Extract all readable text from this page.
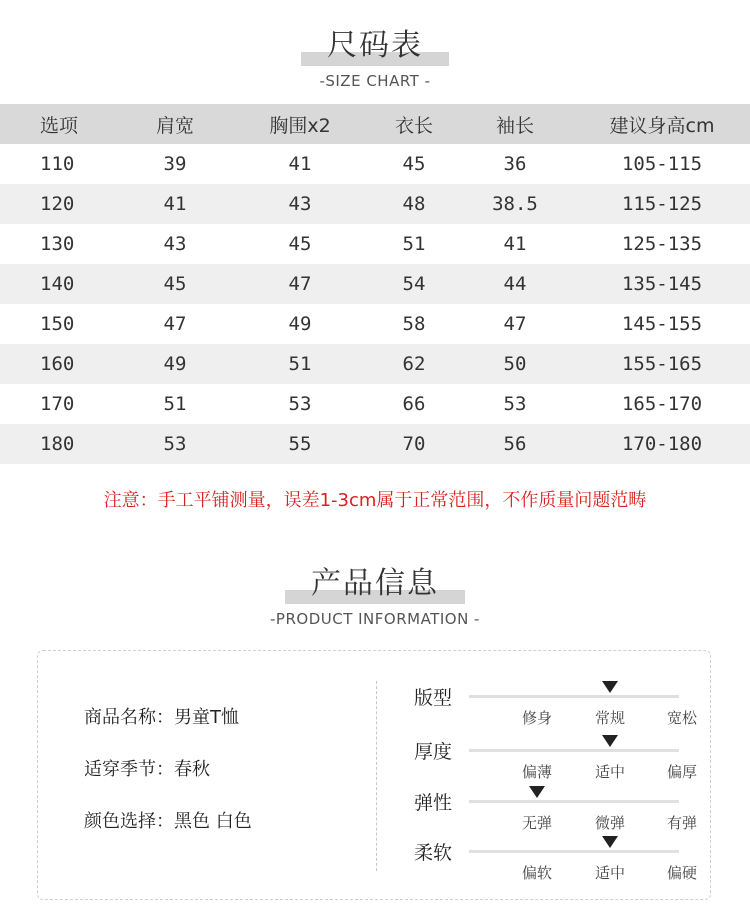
尺码表
-SIZE CHART -
选项	肩宽	胸围x2	衣长	袖长	建议身高cm
110	39	41	45	36	105-115
120	41	43	48	38.5	115-125
130	43	45	51	41	125-135
140	45	47	54	44	135-145
150	47	49	58	47	145-155
160	49	51	62	50	155-165
170	51	53	66	53	165-170
180	53	55	70	56	170-180
注意：手工平铺测量，误差1-3cm属于正常范围，不作质量问题范畴
产品信息
-PRODUCT INFORMATION -
商品名称：男童T恤
适穿季节：春秋
颜色选择：黑色 白色
版型
修身	常规	宽松
厚度
偏薄	适中	偏厚
弹性
无弹	微弹	有弹
柔软
偏软	适中	偏硬
